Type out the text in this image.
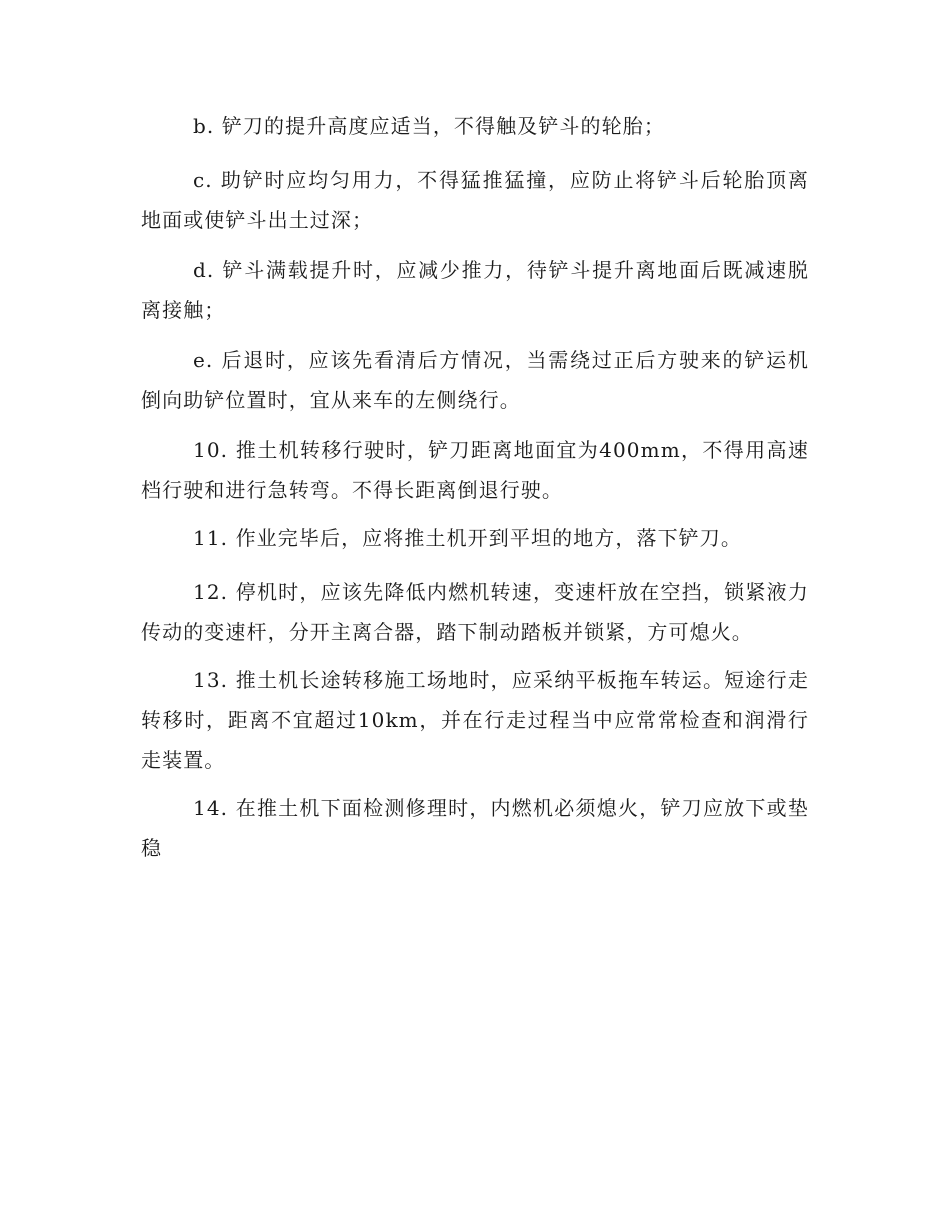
b. 铲刀的提升高度应适当，不得触及铲斗的轮胎；

c. 助铲时应均匀用力，不得猛推猛撞，应防止将铲斗后轮胎顶离地面或使铲斗出土过深；

d. 铲斗满载提升时，应减少推力，待铲斗提升离地面后既减速脱离接触；

e. 后退时，应该先看清后方情况，当需绕过正后方驶来的铲运机倒向助铲位置时，宜从来车的左侧绕行。

10. 推土机转移行驶时，铲刀距离地面宜为400mm，不得用高速档行驶和进行急转弯。不得长距离倒退行驶。

11. 作业完毕后，应将推土机开到平坦的地方，落下铲刀。

12. 停机时，应该先降低内燃机转速，变速杆放在空挡，锁紧液力传动的变速杆，分开主离合器，踏下制动踏板并锁紧，方可熄火。

13. 推土机长途转移施工场地时，应采纳平板拖车转运。短途行走转移时，距离不宜超过10km，并在行走过程当中应常常检查和润滑行走装置。

14. 在推土机下面检测修理时，内燃机必须熄火，铲刀应放下或垫稳
